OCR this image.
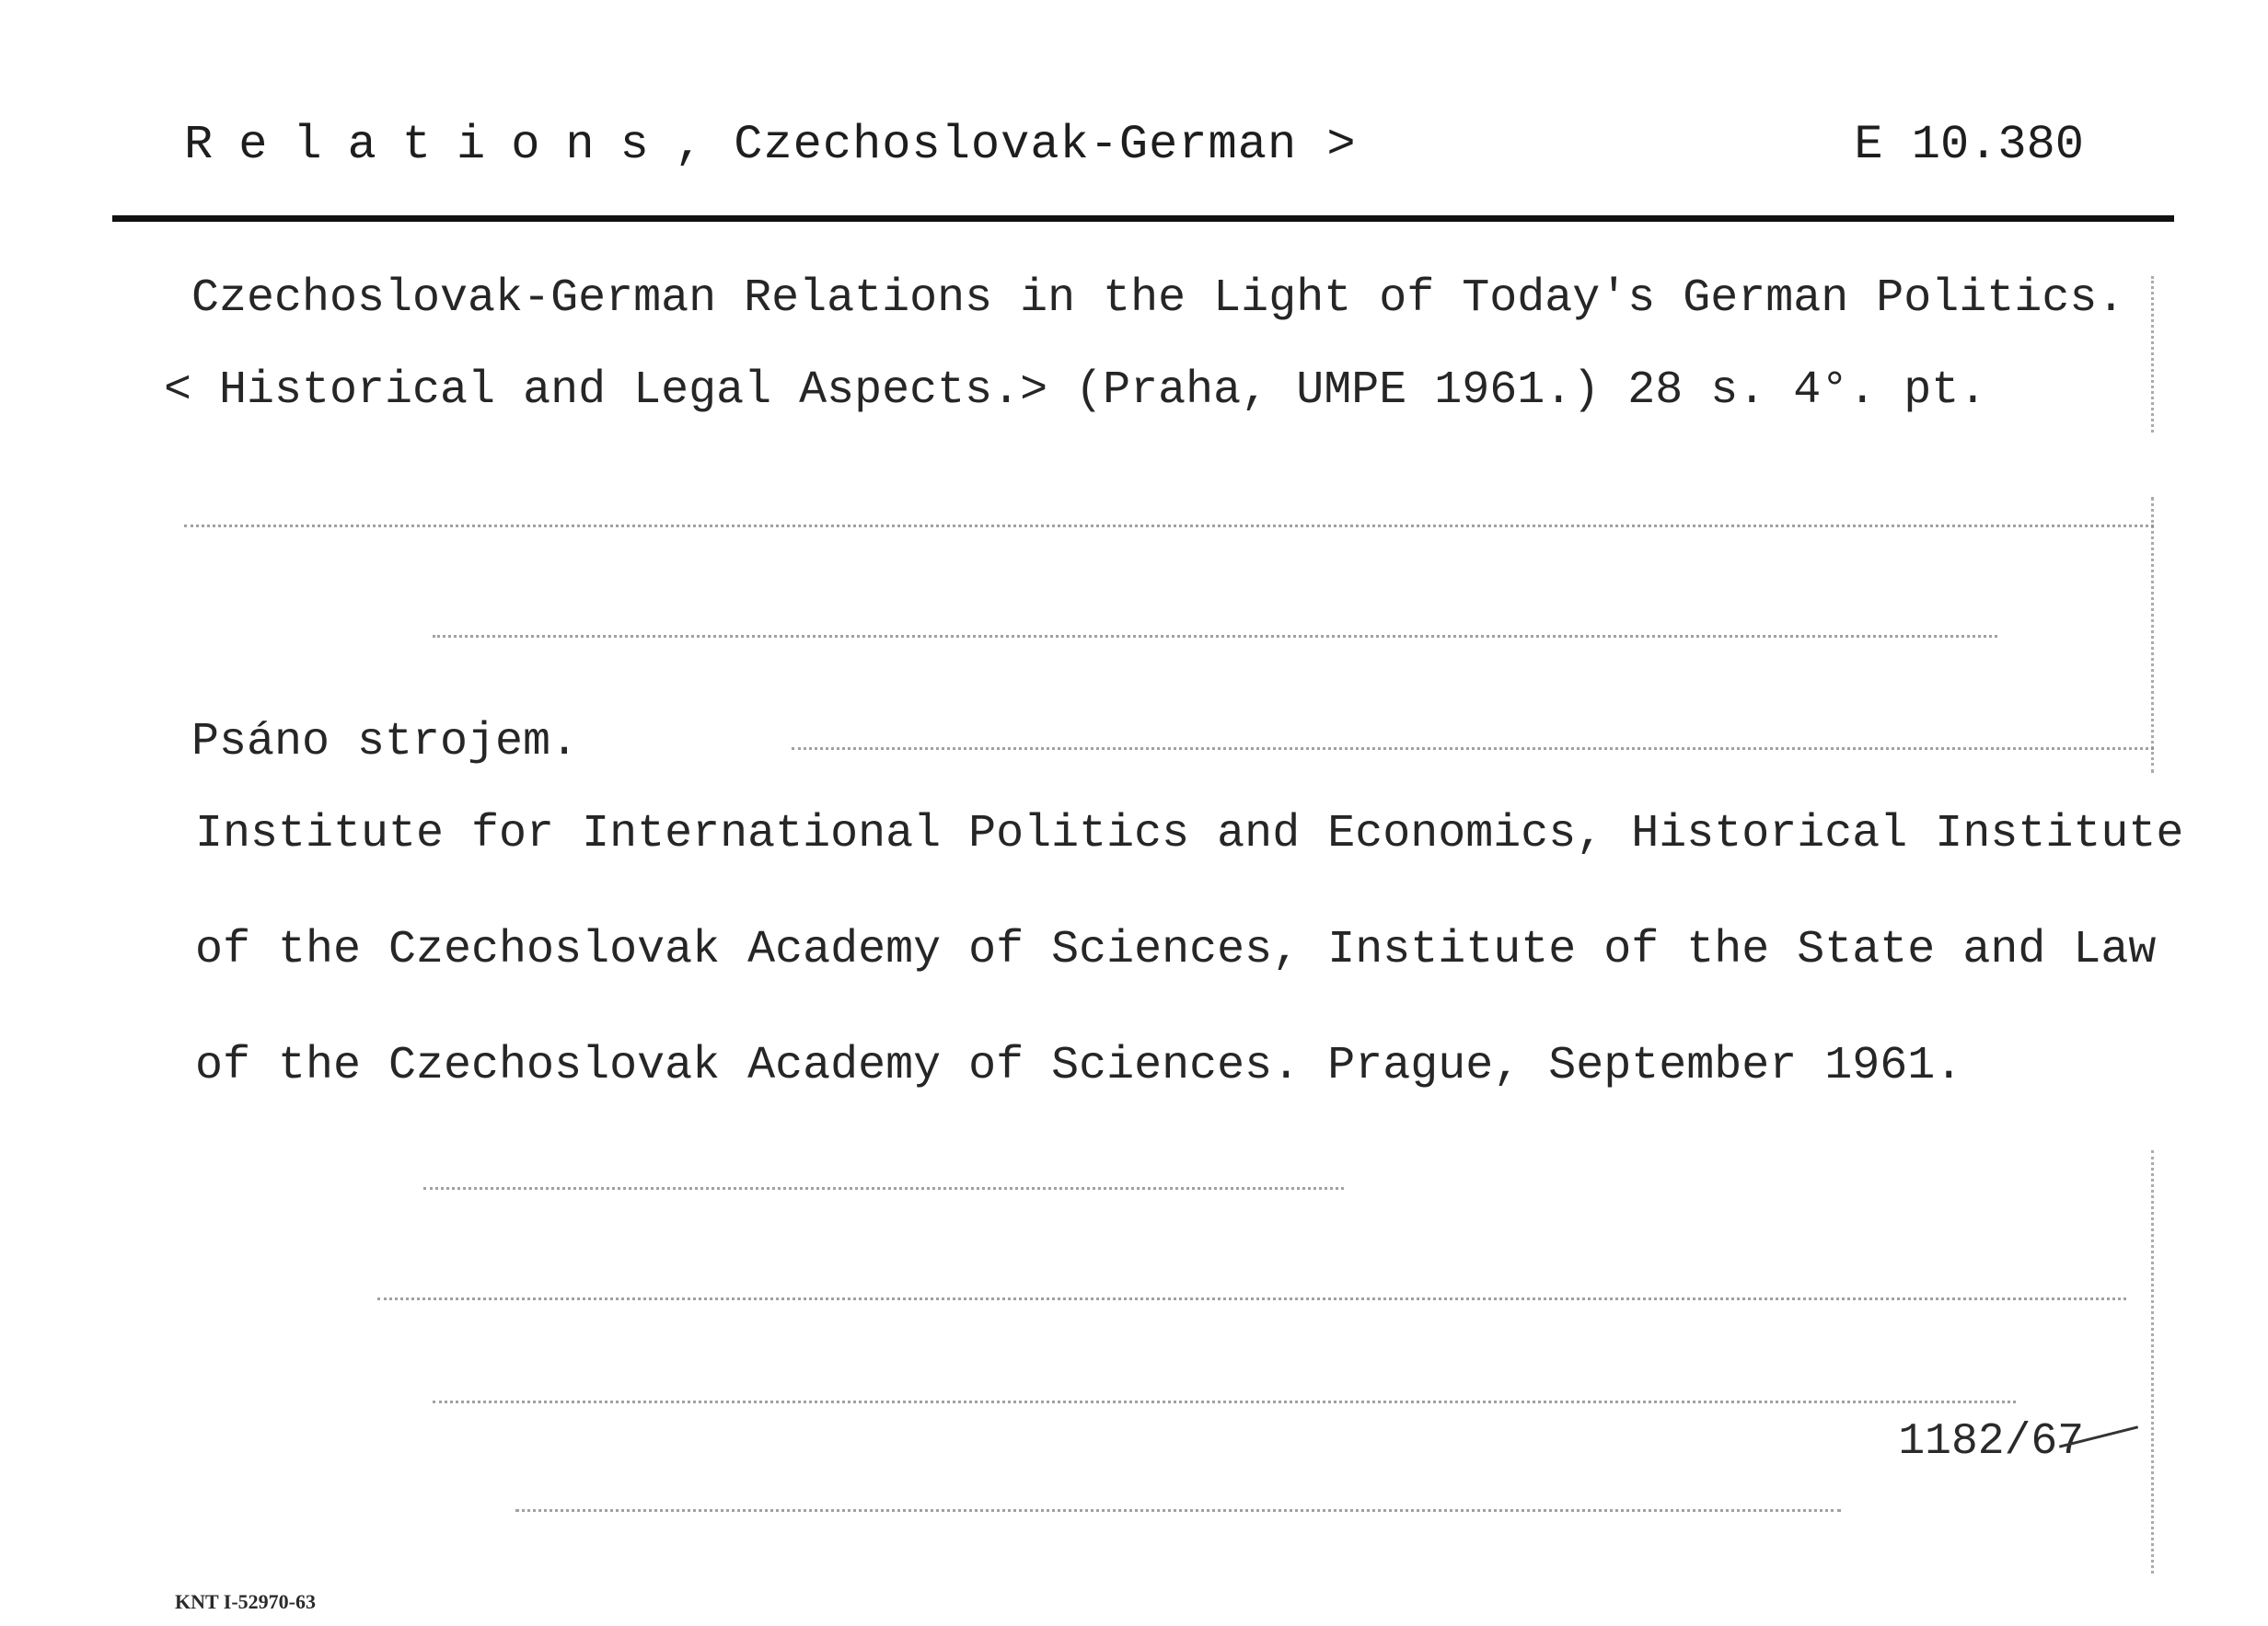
Relations, Czechoslovak-German >	E 10.380
Czechoslovak-German Relations in the Light of Today's German Politics.
< Historical and Legal Aspects.> (Praha, UMPE 1961.) 28 s. 4°. pt.
Psáno strojem.
Institute for International Politics and Economics, Historical Institute
of the Czechoslovak Academy of Sciences, Institute of the State and Law
of the Czechoslovak Academy of Sciences. Prague, September 1961.
1182/67
KNT I-52970-63
